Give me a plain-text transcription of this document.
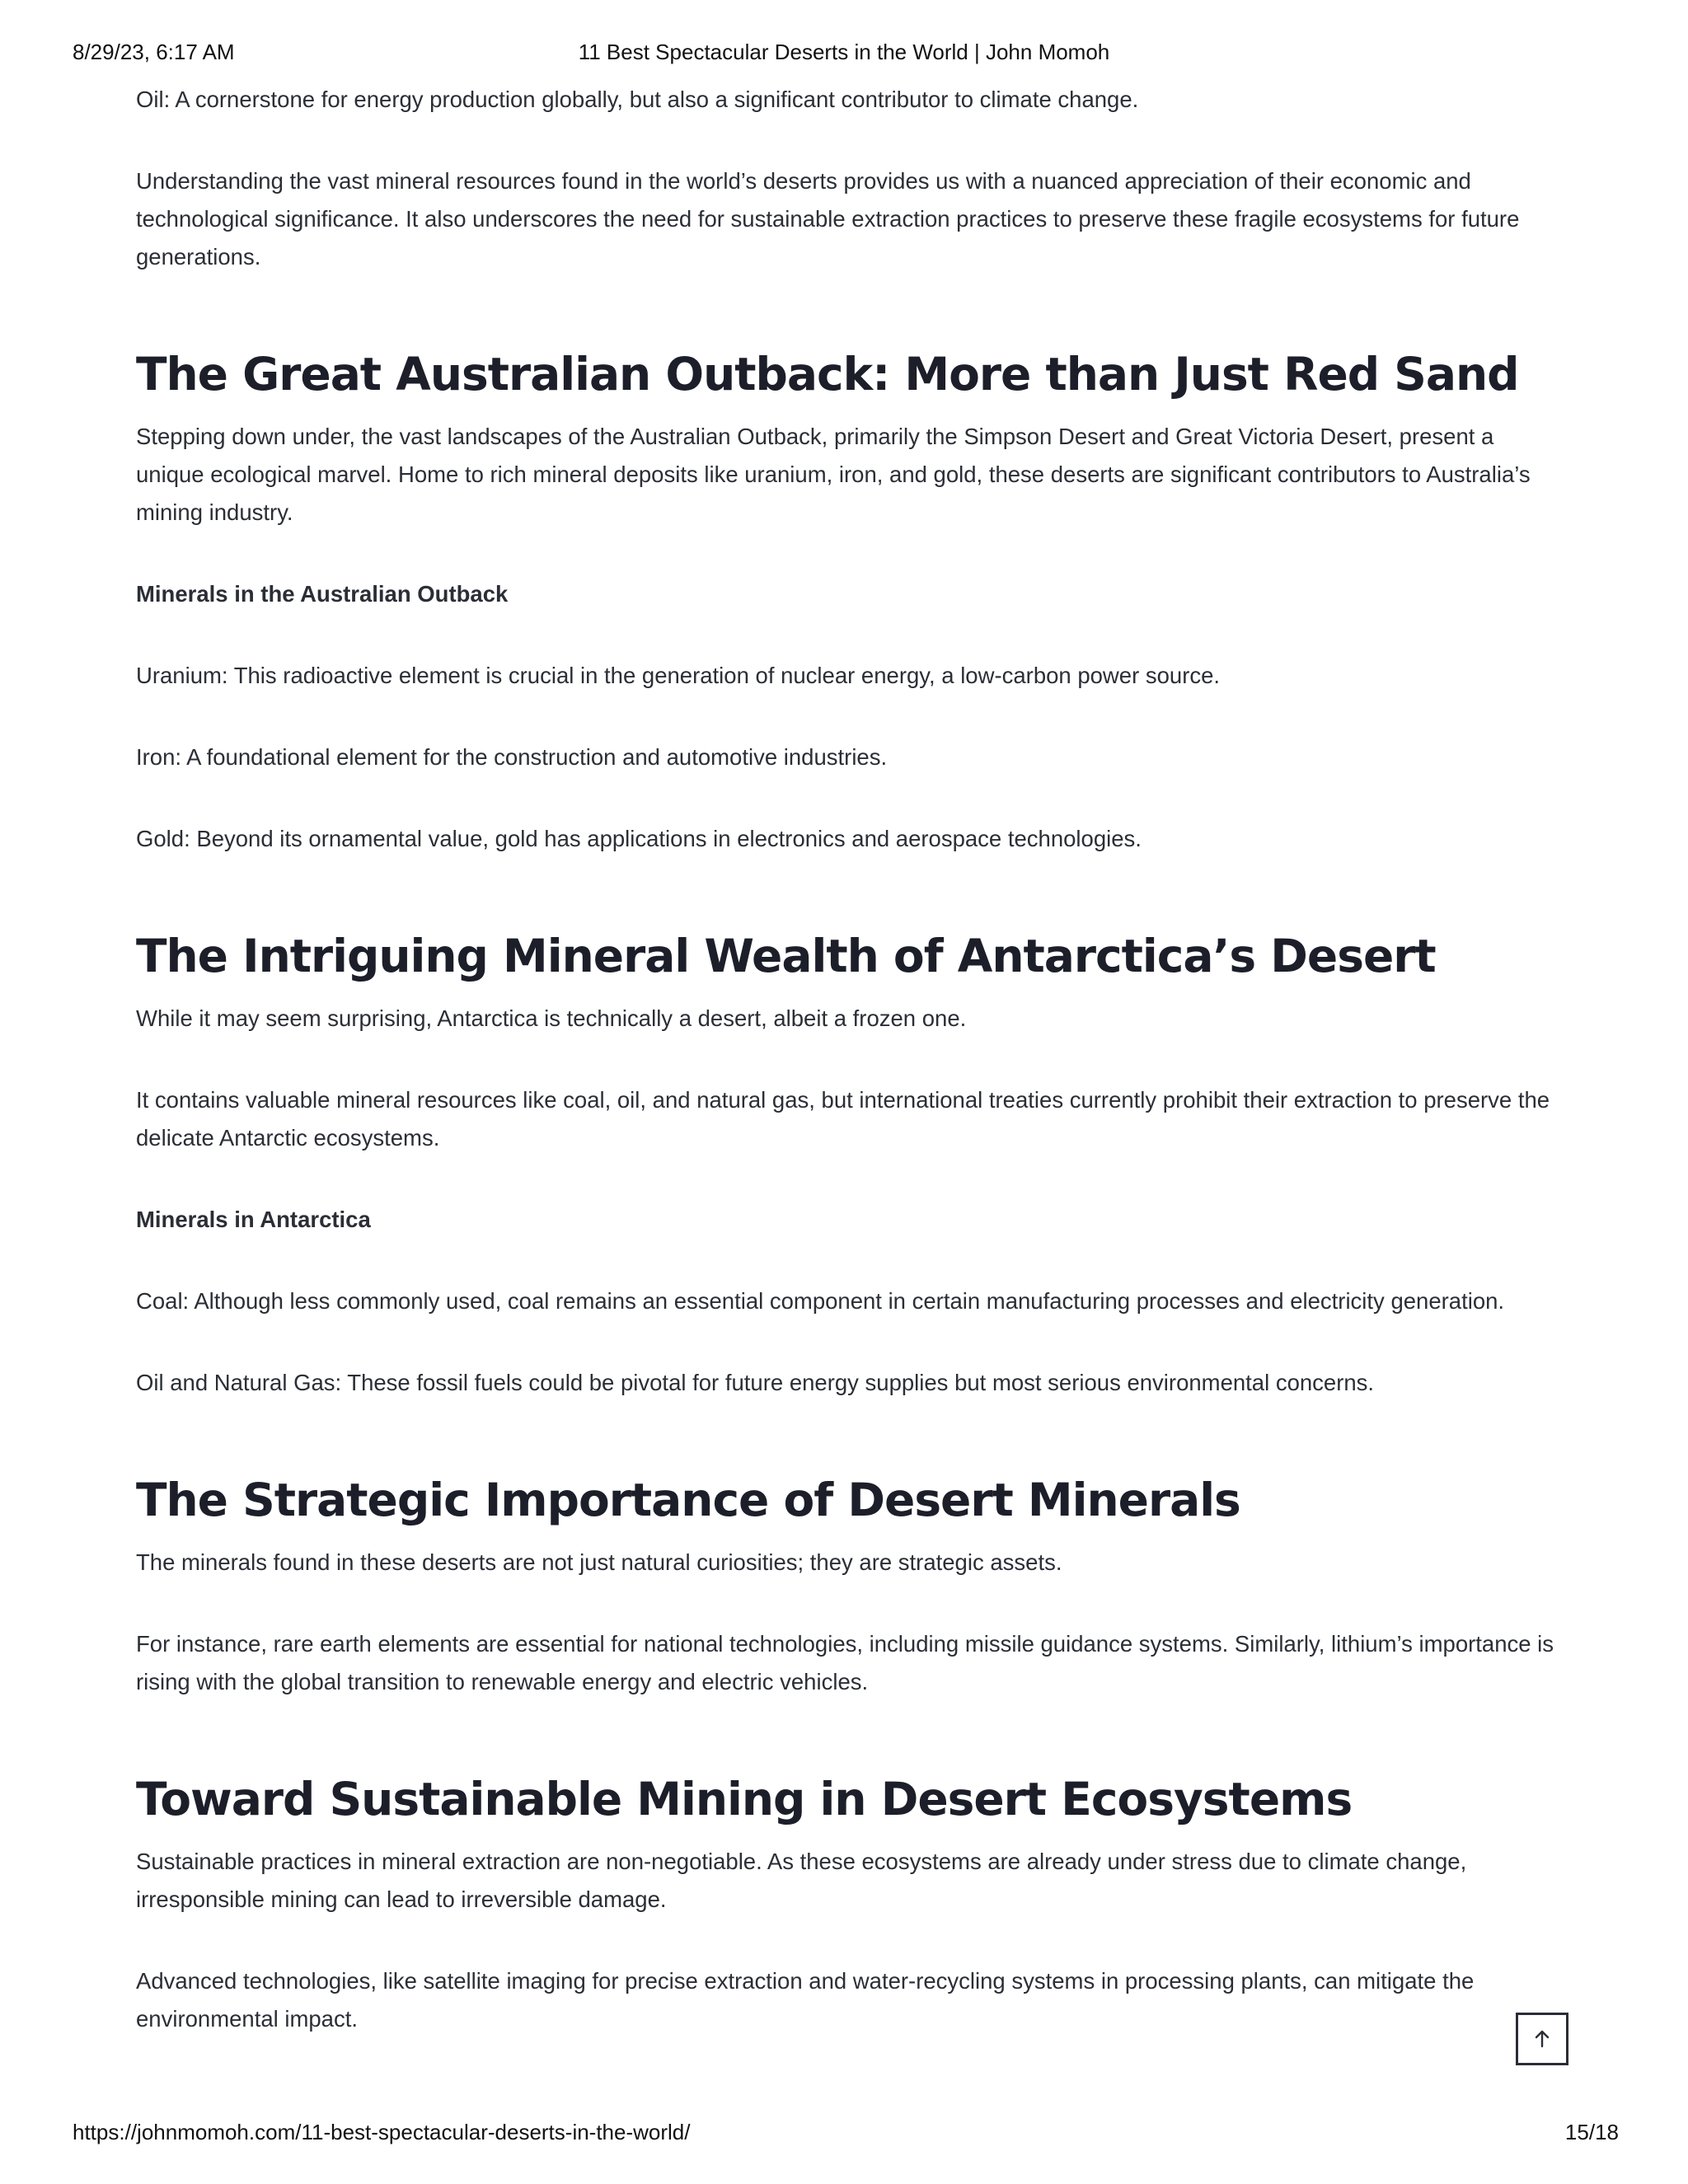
8/29/23, 6:17 AM	11 Best Spectacular Deserts in the World | John Momoh

Oil: A cornerstone for energy production globally, but also a significant contributor to climate change.

Understanding the vast mineral resources found in the world’s deserts provides us with a nuanced appreciation of their economic and technological significance. It also underscores the need for sustainable extraction practices to preserve these fragile ecosystems for future generations.

The Great Australian Outback: More than Just Red Sand

Stepping down under, the vast landscapes of the Australian Outback, primarily the Simpson Desert and Great Victoria Desert, present a unique ecological marvel. Home to rich mineral deposits like uranium, iron, and gold, these deserts are significant contributors to Australia’s mining industry.

Minerals in the Australian Outback

Uranium: This radioactive element is crucial in the generation of nuclear energy, a low-carbon power source.

Iron: A foundational element for the construction and automotive industries.

Gold: Beyond its ornamental value, gold has applications in electronics and aerospace technologies.

The Intriguing Mineral Wealth of Antarctica’s Desert

While it may seem surprising, Antarctica is technically a desert, albeit a frozen one.

It contains valuable mineral resources like coal, oil, and natural gas, but international treaties currently prohibit their extraction to preserve the delicate Antarctic ecosystems.

Minerals in Antarctica

Coal: Although less commonly used, coal remains an essential component in certain manufacturing processes and electricity generation.

Oil and Natural Gas: These fossil fuels could be pivotal for future energy supplies but most serious environmental concerns.

The Strategic Importance of Desert Minerals

The minerals found in these deserts are not just natural curiosities; they are strategic assets.

For instance, rare earth elements are essential for national technologies, including missile guidance systems. Similarly, lithium’s importance is rising with the global transition to renewable energy and electric vehicles.

Toward Sustainable Mining in Desert Ecosystems

Sustainable practices in mineral extraction are non-negotiable. As these ecosystems are already under stress due to climate change, irresponsible mining can lead to irreversible damage.

Advanced technologies, like satellite imaging for precise extraction and water-recycling systems in processing plants, can mitigate the environmental impact.

https://johnmomoh.com/11-best-spectacular-deserts-in-the-world/	15/18
